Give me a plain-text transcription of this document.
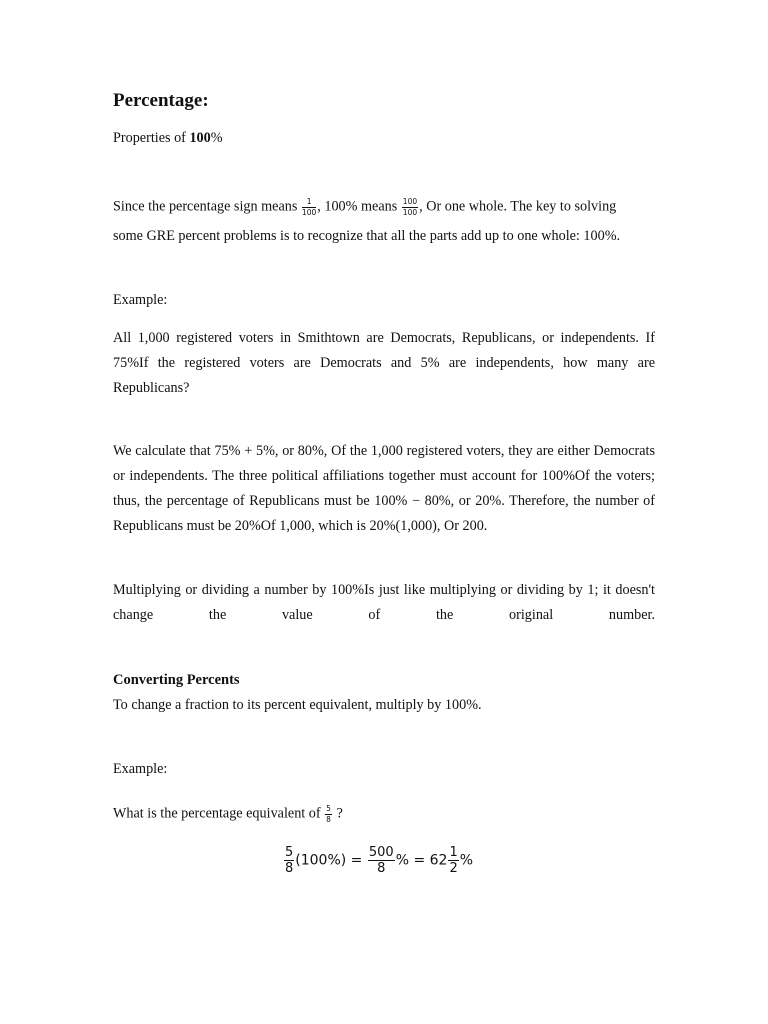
Percentage:
Properties of 100%
Since the percentage sign means $\frac{1}{100}$ , 100% means $\frac{100}{100}$ , Or one whole. The key to solving
some GRE percent problems is to recognize that all the parts add up to one whole: 100%.
Example:
All 1,000 registered voters in Smithtown are Democrats, Republicans, or independents. If 75%If the registered voters are Democrats and 5% are independents, how many are Republicans?
We calculate that 75% + 5%, or 80%, Of the 1,000 registered voters, they are either Democrats or independents. The three political affiliations together must account for 100%Of the voters; thus, the percentage of Republicans must be 100% − 80%, or 20%. Therefore, the number of Republicans must be 20%Of 1,000, which is 20%(1,000), Or 200.
Multiplying or dividing a number by 100%Is just like multiplying or dividing by 1; it doesn't change the value of the original number.
Converting Percents
To change a fraction to its percent equivalent, multiply by 100%.
Example:
What is the percentage equivalent of $\frac{5}{8}$ ?
$\frac{5}{8} (100\%) = \frac{500}{8}$ % = $62 \frac{1}{2}$ %
